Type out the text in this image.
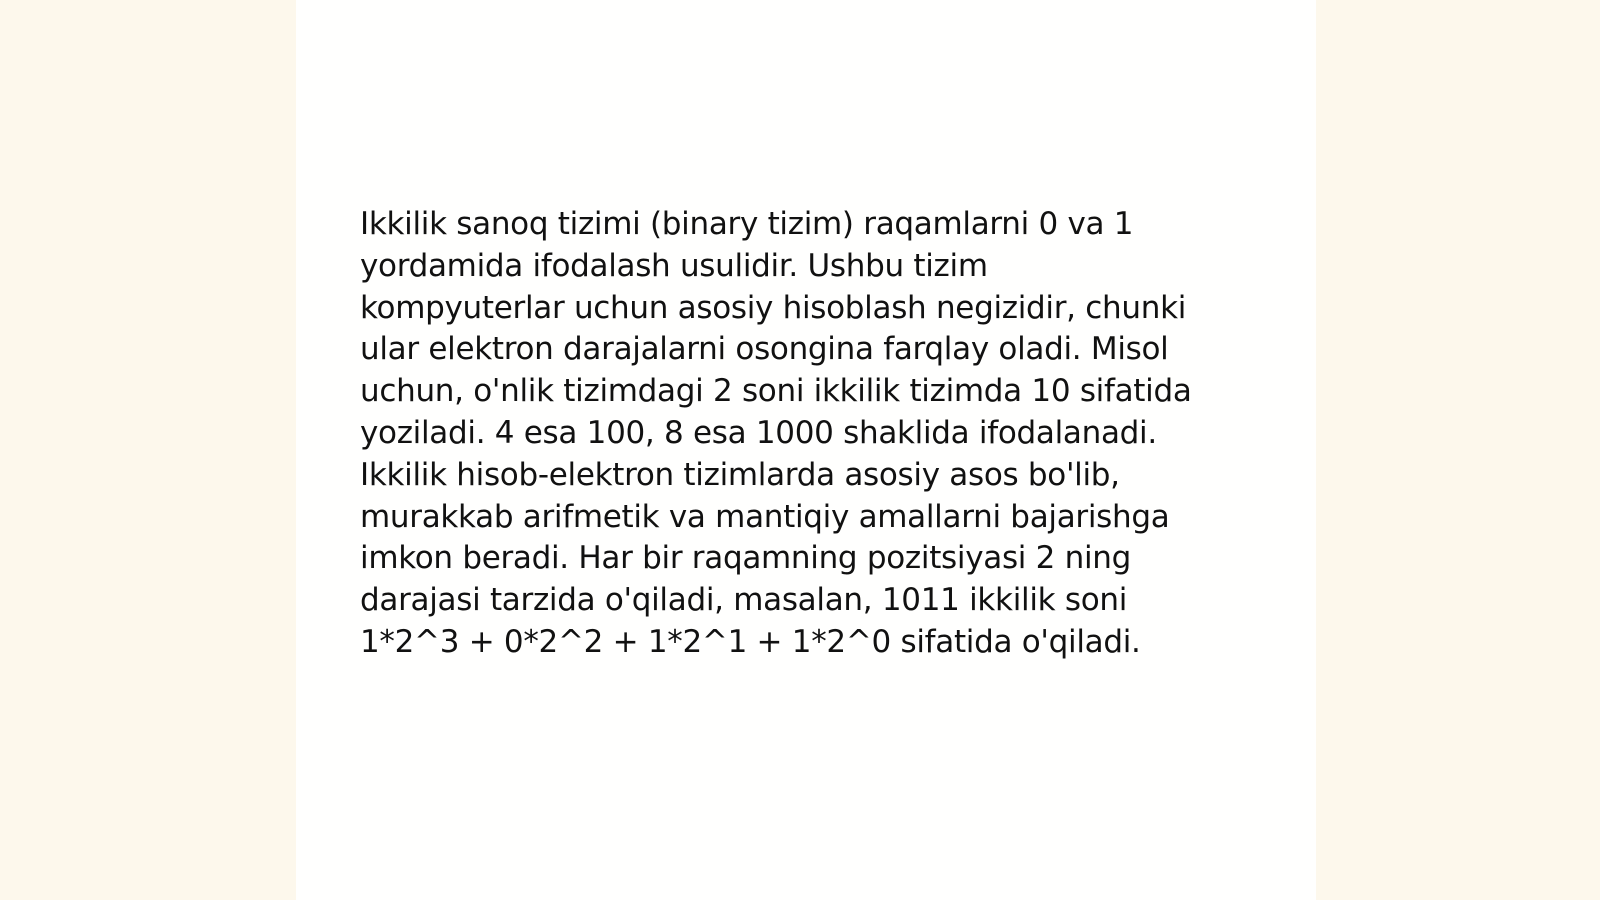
Ikkilik sanoq tizimi (binary tizim) raqamlarni 0 va 1
yordamida ifodalash usulidir. Ushbu tizim
kompyuterlar uchun asosiy hisoblash negizidir, chunki
ular elektron darajalarni osongina farqlay oladi. Misol
uchun, o'nlik tizimdagi 2 soni ikkilik tizimda 10 sifatida
yoziladi. 4 esa 100, 8 esa 1000 shaklida ifodalanadi.
Ikkilik hisob-elektron tizimlarda asosiy asos bo'lib,
murakkab arifmetik va mantiqiy amallarni bajarishga
imkon beradi. Har bir raqamning pozitsiyasi 2 ning
darajasi tarzida o'qiladi, masalan, 1011 ikkilik soni
1*2^3 + 0*2^2 + 1*2^1 + 1*2^0 sifatida o'qiladi.
